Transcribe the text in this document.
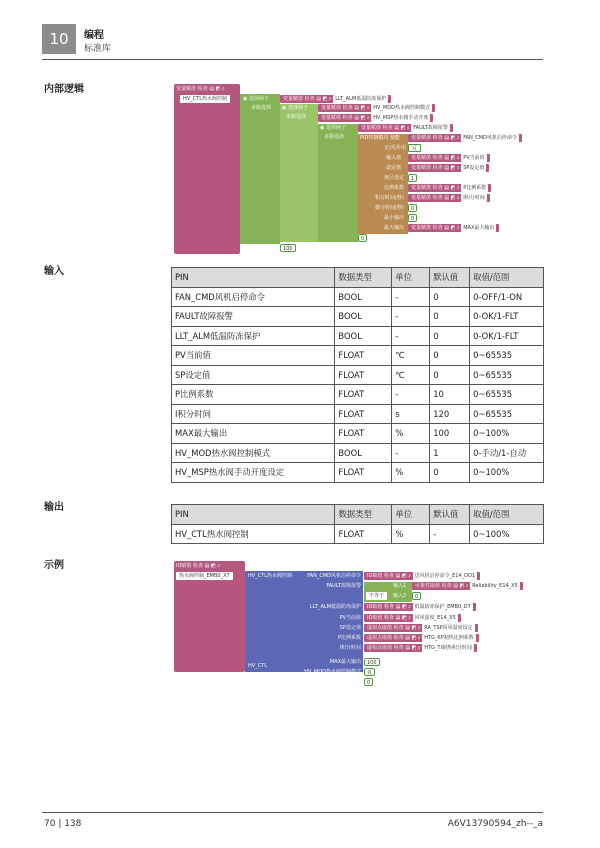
10	编程
标准库
内部逻辑	变量赋值 检查 ▤ ◩ ⌕
HV_CTL热水阀控制	◉ 选择闸子
多路选择
变量赋值 检查 ▤ ◩ ⌕ LLT_ALM低温防冻保护
◉ 选择闸子
多路选择
变量赋值 检查 ▤ ◩ ⌕ HV_MOD热水阀控制模式
变量赋值 检查 ▤ ◩ ⌕ HV_MSP热水阀手动开度
◉ 选择闸子
多路选择
变量赋值 检查 ▤ ◩ ⌕ FAULT故障报警
PID控制模块 使能	变量赋值 检查 ▤ ◩ ⌕ FAN_CMD风机启停命令
正/反作用	反
输入值	变量赋值 检查 ▤ ◩ ⌕ PV当前值
设定值	变量赋值 检查 ▤ ◩ ⌕ SP设定值
死区设定	1
比例系数	变量赋值 检查 ▤ ◩ ⌕ P比例系数
积分时间(秒)	变量赋值 检查 ▤ ◩ ⌕ I积分时间
微分时间(秒)	0
最小输出	0
最大输出	变量赋值 检查 ▤ ◩ ⌕ MAX最大输出
0
100
输入
PIN	数据类型	单位	默认值	取值/范围
FAN_CMD风机启停命令	BOOL	-	0	0-OFF/1-ON
FAULT故障报警	BOOL	-	0	0-OK/1-FLT
LLT_ALM低温防冻保护	BOOL	-	0	0-OK/1-FLT
PV当前值	FLOAT	℃	0	0~65535
SP设定值	FLOAT	℃	0	0~65535
P比例系数	FLOAT	-	10	0~65535
I积分时间	FLOAT	s	120	0~65535
MAX最大输出	FLOAT	%	100	0~100%
HV_MOD热水阀控制模式	BOOL	-	1	0-手动/1-自动
HV_MSP热水阀手动开度设定	FLOAT	%	0	0~100%
输出
PIN	数据类型	单位	默认值	取值/范围
HV_CTL热水阀控制	FLOAT	%	-	0~100%
示例	IO赋值 检查 ▤ ◩ ⌕
热水阀控制_EMB0_X7	HV_CTL热水阀控制
HV_CTL
FAN_CMD风机启停命令
FAULT故障报警
LLT_ALM低温防冻保护
PV当前值
SP设定值
P比例系数
I积分时间
MAX最大输出
HV_MOD热水阀控制模式
HV_MSP热水阀手动开度
IO取值 检查 ▤ ◩ ⌕ 送风机启停命令_E14_DO1
输入1	可靠性取值 检查 ▤ ◩ ⌕ Reliability_E14_X5
不等于	输入2	0
IO取值 检查 ▤ ◩ ⌕ 低温防冻保护_EMB0_D7
IO取值 检查 ▤ ◩ ⌕ 回风温度_E14_X5
虚拟点取值 检查 ▤ ◩ ⌕ RA_TSP回风温度设定
虚拟点取值 检查 ▤ ◩ ⌕ HTG_KP制热比例系数
虚拟点取值 检查 ▤ ◩ ⌕ HTG_TI制热积分时间
100
真
0
70 | 138	A6V13790594_zh--_a
